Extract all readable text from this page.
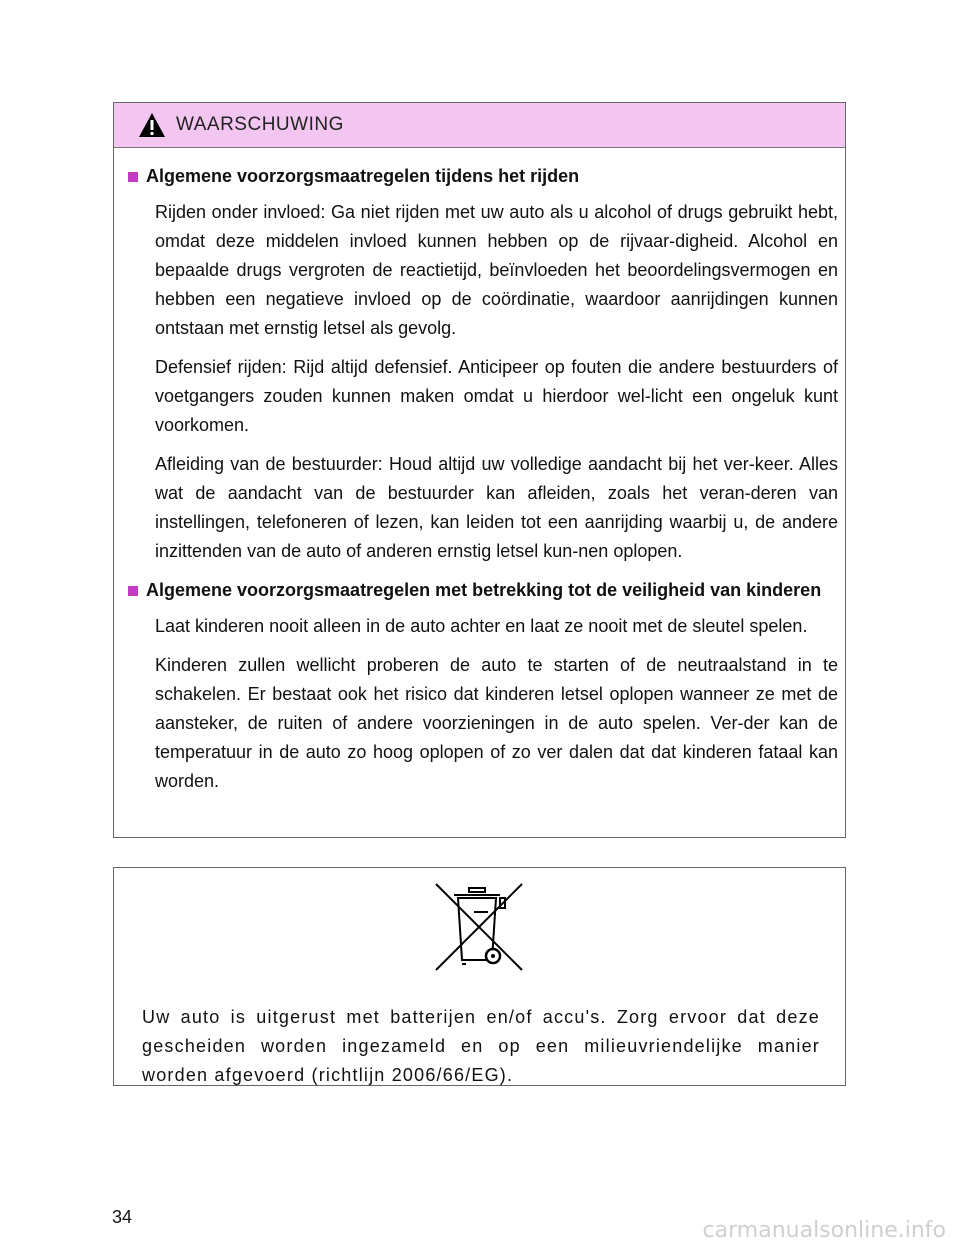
WAARSCHUWING
Algemene voorzorgsmaatregelen tijdens het rijden

Rijden onder invloed: Ga niet rijden met uw auto als u alcohol of drugs gebruikt hebt, omdat deze middelen invloed kunnen hebben op de rijvaar-digheid. Alcohol en bepaalde drugs vergroten de reactietijd, beïnvloeden het beoordelingsvermogen en hebben een negatieve invloed op de coördinatie, waardoor aanrijdingen kunnen ontstaan met ernstig letsel als gevolg.

Defensief rijden: Rijd altijd defensief. Anticipeer op fouten die andere bestuurders of voetgangers zouden kunnen maken omdat u hierdoor wel-licht een ongeluk kunt voorkomen.

Afleiding van de bestuurder: Houd altijd uw volledige aandacht bij het ver-keer. Alles wat de aandacht van de bestuurder kan afleiden, zoals het veran-deren van instellingen, telefoneren of lezen, kan leiden tot een aanrijding waarbij u, de andere inzittenden van de auto of anderen ernstig letsel kun-nen oplopen.

Algemene voorzorgsmaatregelen met betrekking tot de veiligheid van kinderen

Laat kinderen nooit alleen in de auto achter en laat ze nooit met de sleutel spelen.

Kinderen zullen wellicht proberen de auto te starten of de neutraalstand in te schakelen. Er bestaat ook het risico dat kinderen letsel oplopen wanneer ze met de aansteker, de ruiten of andere voorzieningen in de auto spelen. Ver-der kan de temperatuur in de auto zo hoog oplopen of zo ver dalen dat dat kinderen fataal kan worden.

Uw auto is uitgerust met batterijen en/of accu's. Zorg ervoor dat deze gescheiden worden ingezameld en op een milieuvriendelijke manier worden afgevoerd (richtlijn 2006/66/EG).

34
carmanualsonline.info
